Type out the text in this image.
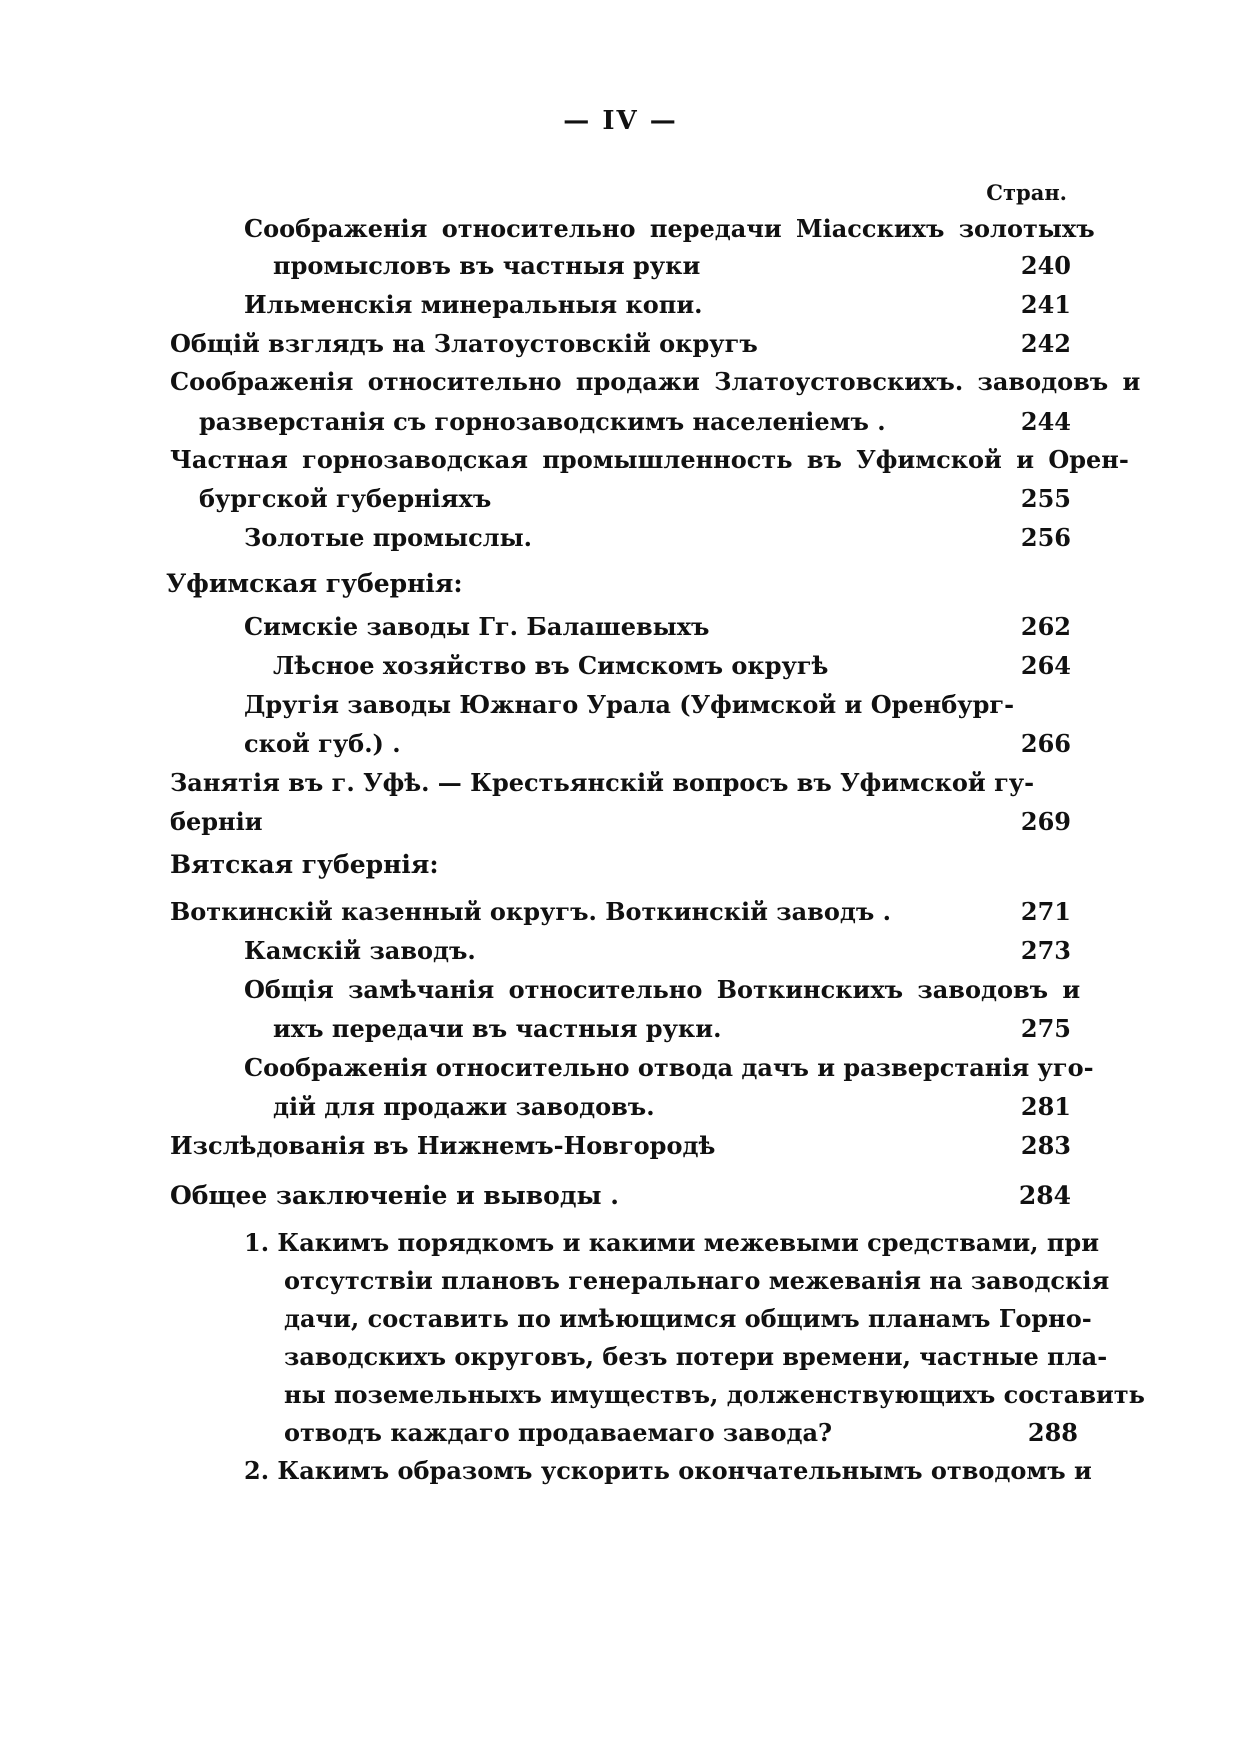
— IV —
Стран.
Соображенія относительно передачи Міасскихъ золотыхъ
промысловъ въ частныя руки	240
Ильменскія минеральныя копи.	241
Общій взглядъ на Златоустовскій округъ	242
Соображенія относительно продажи Златоустовскихъ. заводовъ и
разверстанія съ горнозаводскимъ населеніемъ .	244
Частная горнозаводская промышленность въ Уфимской и Орен-
бургской губерніяхъ	255
Золотые промыслы.	256
Уфимская губернія:
Симскіе заводы Гг. Балашевыхъ	262
Лѣсное хозяйство въ Симскомъ округѣ	264
Другія заводы Южнаго Урала (Уфимской и Оренбург-
ской губ.) .	266
Занятія въ г. Уфѣ. — Крестьянскій вопросъ въ Уфимской гу-
берніи	269
Вятская губернія:
Воткинскій казенный округъ. Воткинскій заводъ .	271
Камскій заводъ.	273
Общія замѣчанія относительно Воткинскихъ заводовъ и
ихъ передачи въ частныя руки.	275
Соображенія относительно отвода дачъ и разверстанія уго-
дій для продажи заводовъ.	281
Изслѣдованія въ Нижнемъ-Новгородѣ	283
Общее заключеніе и выводы .	284
1. Какимъ порядкомъ и какими межевыми средствами, при
отсутствіи плановъ генеральнаго межеванія на заводскія
дачи, составить по имѣющимся общимъ планамъ Горно-
заводскихъ округовъ, безъ потери времени, частные пла-
ны поземельныхъ имуществъ, долженствующихъ составить
отводъ каждаго продаваемаго завода?	288
2. Какимъ образомъ ускорить окончательнымъ отводомъ и
